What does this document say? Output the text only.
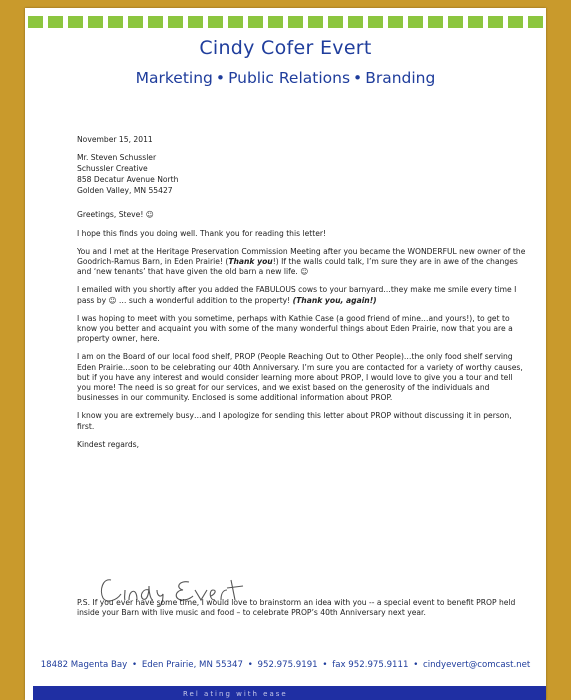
Cindy Cofer Evert
Marketing • Public Relations • Branding

November 15, 2011

Mr. Steven Schussler
Schussler Creative
858 Decatur Avenue North
Golden Valley, MN 55427

Greetings, Steve! ☺

I hope this finds you doing well. Thank you for reading this letter!

You and I met at the Heritage Preservation Commission Meeting after you became the WONDERFUL new owner of the Goodrich-Ramus Barn, in Eden Prairie! (Thank you!) If the walls could talk, I’m sure they are in awe of the changes and ‘new tenants’ that have given the old barn a new life. ☺

I emailed with you shortly after you added the FABULOUS cows to your barnyard…they make me smile every time I pass by ☺ … such a wonderful addition to the property! (Thank you, again!)

I was hoping to meet with you sometime, perhaps with Kathie Case (a good friend of mine…and yours!), to get to know you better and acquaint you with some of the many wonderful things about Eden Prairie, now that you are a property owner, here.

I am on the Board of our local food shelf, PROP (People Reaching Out to Other People)…the only food shelf serving Eden Prairie…soon to be celebrating our 40th Anniversary. I’m sure you are contacted for a variety of worthy causes, but if you have any interest and would consider learning more about PROP, I would love to give you a tour and tell you more! The need is so great for our services, and we exist based on the generosity of the individuals and businesses in our community. Enclosed is some additional information about PROP.

I know you are extremely busy…and I apologize for sending this letter about PROP without discussing it in person, first.

Kindest regards,

P.S. If you ever have some time, I would love to brainstorm an idea with you -- a special event to benefit PROP held inside your Barn with live music and food – to celebrate PROP’s 40th Anniversary next year.
18482 Magenta Bay • Eden Prairie, MN 55347 • 952.975.9191 • fax 952.975.9111 • cindyevert@comcast.net
Rel ating with ease
